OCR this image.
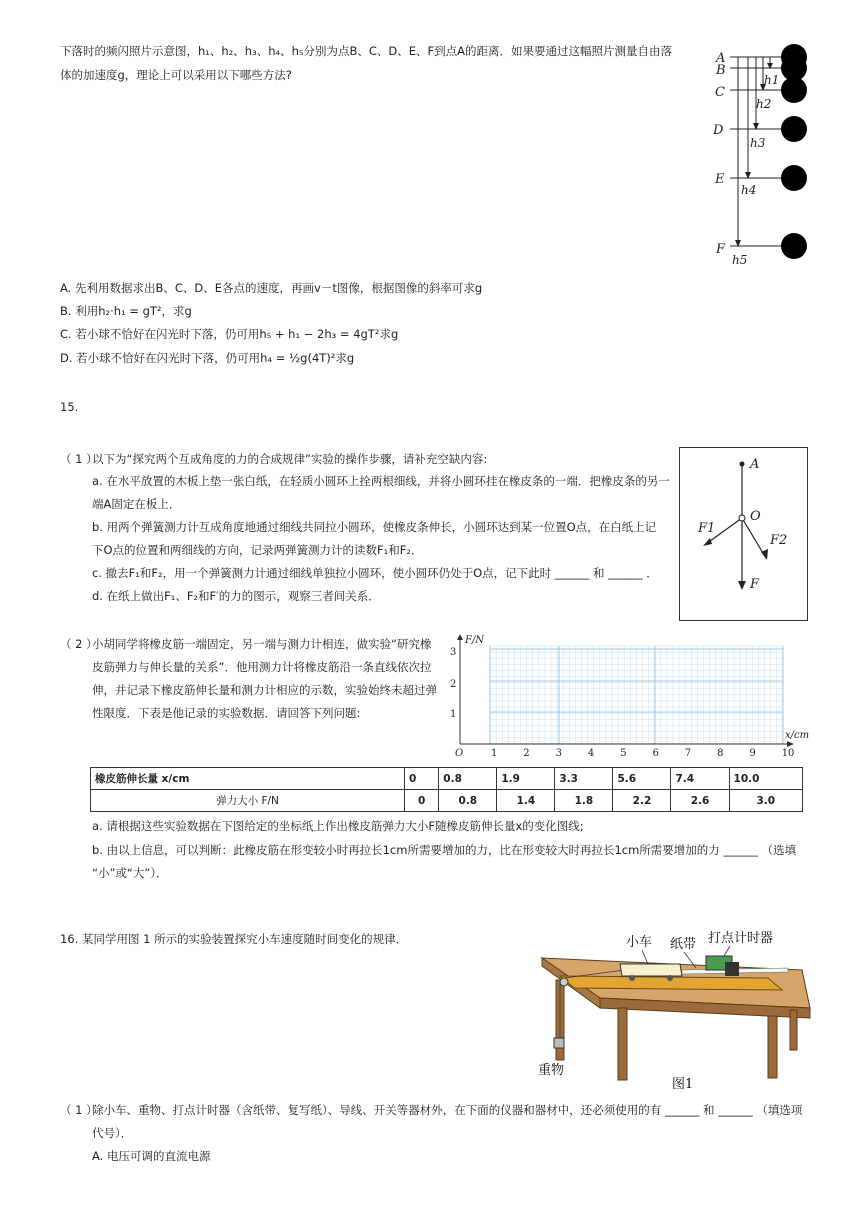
下落时的频闪照片示意图，h₁、h₂、h₃、h₄、h₅分别为点B、C、D、E、F到点A的距离．如果要通过这幅照片测量自由落
体的加速度g，理论上可以采用以下哪些方法?
A
B
C
D
E
F
h1
h2
h3
h4
h5
A. 先利用数据求出B、C、D、E各点的速度，再画v－t图像，根据图像的斜率可求g
B. 利用h₂·h₁ = gT²，求g
C. 若小球不恰好在闪光时下落，仍可用h₅ + h₁ − 2h₃ = 4gT²求g
D. 若小球不恰好在闪光时下落，仍可用h₄ = ½g(4T)²求g
15.
（ 1 ）
以下为“探究两个互成角度的力的合成规律”实验的操作步骤，请补充空缺内容:
a. 在水平放置的木板上垫一张白纸，在轻质小圆环上拴两根细线，并将小圆环挂在橡皮条的一端．把橡皮条的另一
端A固定在板上．
b. 用两个弹簧测力计互成角度地通过细线共同拉小圆环，使橡皮条伸长，小圆环达到某一位置O点，在白纸上记
下O点的位置和两细线的方向，记录两弹簧测力计的读数F₁和F₂．
c. 撤去F₁和F₂，用一个弹簧测力计通过细线单独拉小圆环，使小圆环仍处于O点，记下此时 ______ 和 ______ ．
d. 在纸上做出F₁、F₂和F′的力的图示，观察三者间关系．
A
O
F1
F2
F
（ 2 ）
小胡同学将橡皮筋一端固定，另一端与测力计相连，做实验“研究橡
皮筋弹力与伸长量的关系”．他用测力计将橡皮筋沿一条直线依次拉
伸，并记录下橡皮筋伸长量和测力计相应的示数，实验始终未超过弹
性限度．下表是他记录的实验数据．请回答下列问题:
F/N
x/cm
O
1
2
3
1	2	3	4	5	6	7	8	9	10
橡皮筋伸长量 x/cm	0	0.8	1.9	3.3	5.6	7.4	10.0
弹力大小 F/N	0	0.8	1.4	1.8	2.2	2.6	3.0
a. 请根据这些实验数据在下图给定的坐标纸上作出橡皮筋弹力大小F随橡皮筋伸长量x的变化图线;
b. 由以上信息，可以判断：此橡皮筋在形变较小时再拉长1cm所需要增加的力，比在形变较大时再拉长1cm所需要增加的力 ______ （选填
“小”或“大”）．
16. 某同学用图 1 所示的实验装置探究小车速度随时间变化的规律．	小车 纸带 打点计时器
重物
图1
（ 1 ）
除小车、重物、打点计时器（含纸带、复写纸）、导线、开关等器材外，在下面的仪器和器材中，还必须使用的有 ______ 和 ______ （填选项
代号）．
A. 电压可调的直流电源
